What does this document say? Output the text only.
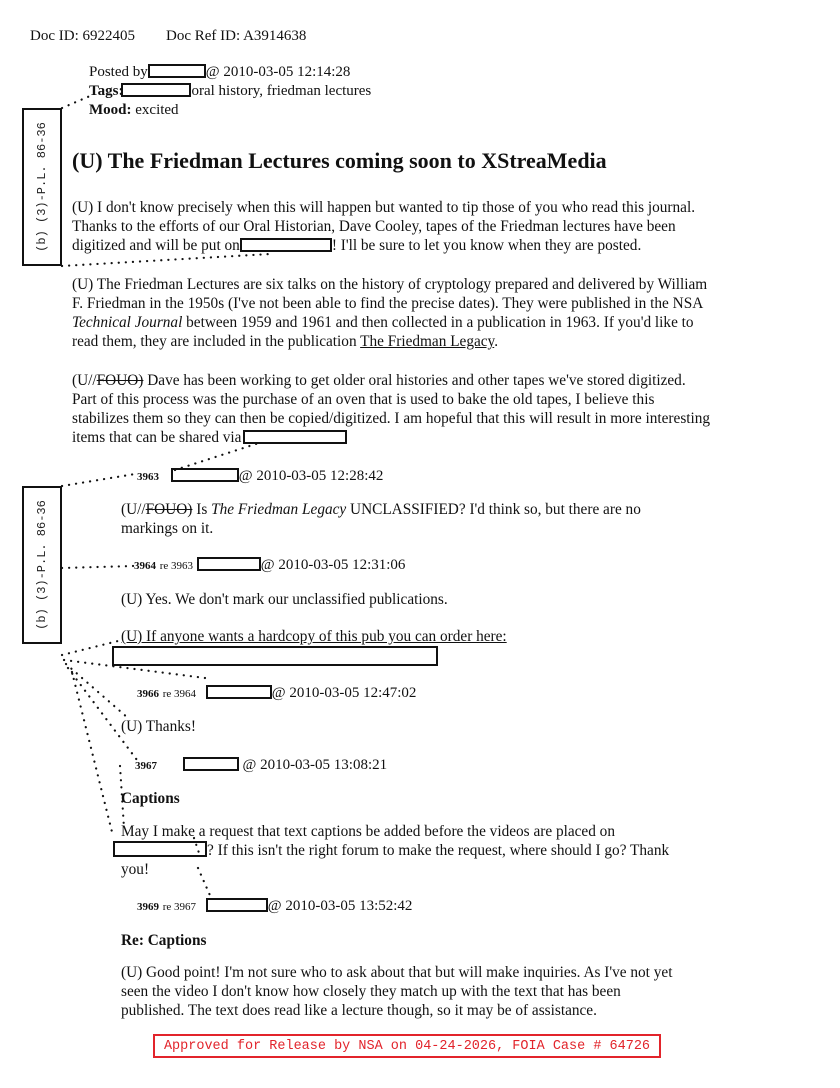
Doc ID: 6922405 Doc Ref ID: A3914638
Posted by	@ 2010-03-05 12:14:28
Tags:	oral history, friedman lectures
Mood: excited
(b) (3)-P.L. 86-36
(b) (3)-P.L. 86-36
(U) The Friedman Lectures coming soon to XStreaMedia
(U) I don't know precisely when this will happen but wanted to tip those of you who read this journal.
Thanks to the efforts of our Oral Historian, Dave Cooley, tapes of the Friedman lectures have been
digitized and will be put on	! I'll be sure to let you know when they are posted.
(U) The Friedman Lectures are six talks on the history of cryptology prepared and delivered by William
F. Friedman in the 1950s (I've not been able to find the precise dates). They were published in the NSA
Technical Journal between 1959 and 1961 and then collected in a publication in 1963. If you'd like to
read them, they are included in the publication The Friedman Legacy.
(U//FOUO) Dave has been working to get older oral histories and other tapes we've stored digitized.
Part of this process was the purchase of an oven that is used to bake the old tapes, I believe this
stabilizes them so they can then be copied/digitized. I am hopeful that this will result in more interesting
items that can be shared via
3963	@ 2010-03-05 12:28:42
(U//FOUO) Is The Friedman Legacy UNCLASSIFIED? I'd think so, but there are no
markings on it.
3964 re 3963	@ 2010-03-05 12:31:06
(U) Yes. We don't mark our unclassified publications.
(U) If anyone wants a hardcopy of this pub you can order here:
3966 re 3964	@ 2010-03-05 12:47:02
(U) Thanks!
3967	@ 2010-03-05 13:08:21
Captions
May I make a request that text captions be added before the videos are placed on
? If this isn't the right forum to make the request, where should I go? Thank
you!
3969 re 3967	@ 2010-03-05 13:52:42
Re: Captions
(U) Good point! I'm not sure who to ask about that but will make inquiries. As I've not yet
seen the video I don't know how closely they match up with the text that has been
published. The text does read like a lecture though, so it may be of assistance.
Approved for Release by NSA on 04-24-2026, FOIA Case # 64726
